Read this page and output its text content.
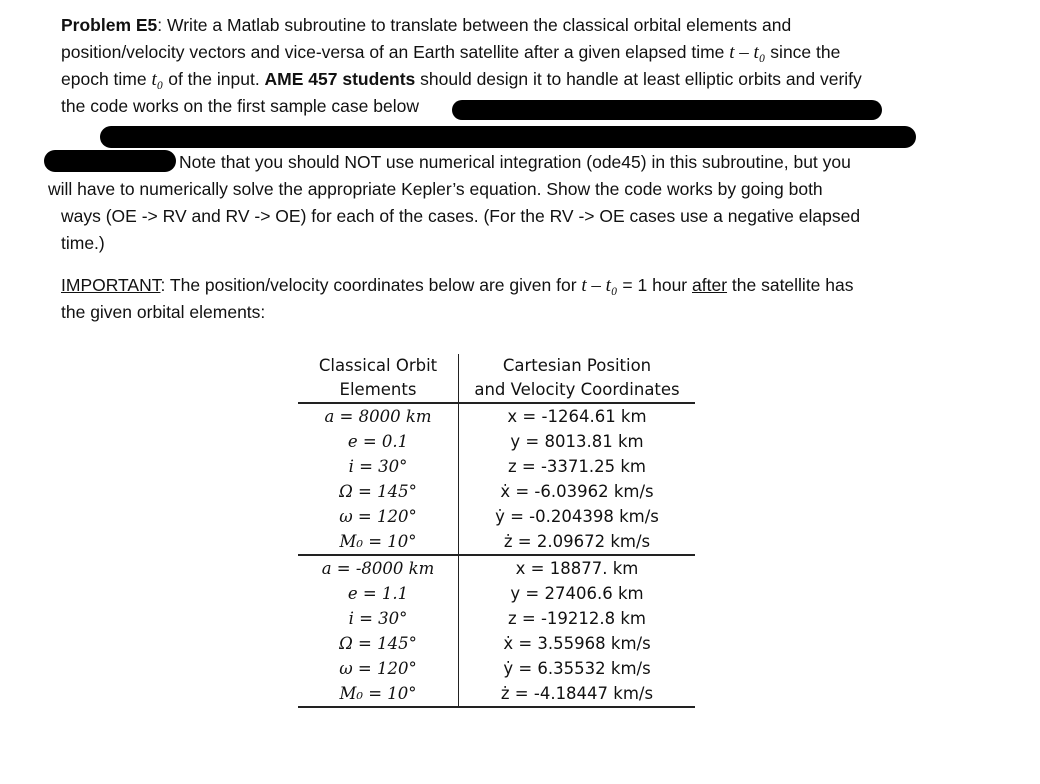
Problem E5: Write a Matlab subroutine to translate between the classical orbital elements and
position/velocity vectors and vice-versa of an Earth satellite after a given elapsed time t – t₀ since the
epoch time t₀ of the input. AME 457 students should design it to handle at least elliptic orbits and verify
the code works on the first sample case below
Note that you should NOT use numerical integration (ode45) in this subroutine, but you
will have to numerically solve the appropriate Kepler’s equation. Show the code works by going both
ways (OE -> RV and RV -> OE) for each of the cases. (For the RV -> OE cases use a negative elapsed
time.)
IMPORTANT: The position/velocity coordinates below are given for t – t₀ = 1 hour after the satellite has
the given orbital elements:
Classical Orbit	Cartesian Position
Elements	and Velocity Coordinates
a = 8000 km	x = -1264.61 km
e = 0.1	y = 8013.81 km
i = 30°	z = -3371.25 km
Ω = 145°	ẋ = -6.03962 km/s
ω = 120°	ẏ = -0.204398 km/s
M₀ = 10°	ż = 2.09672 km/s
a = -8000 km	x = 18877. km
e = 1.1	y = 27406.6 km
i = 30°	z = -19212.8 km
Ω = 145°	ẋ = 3.55968 km/s
ω = 120°	ẏ = 6.35532 km/s
M₀ = 10°	ż = -4.18447 km/s
